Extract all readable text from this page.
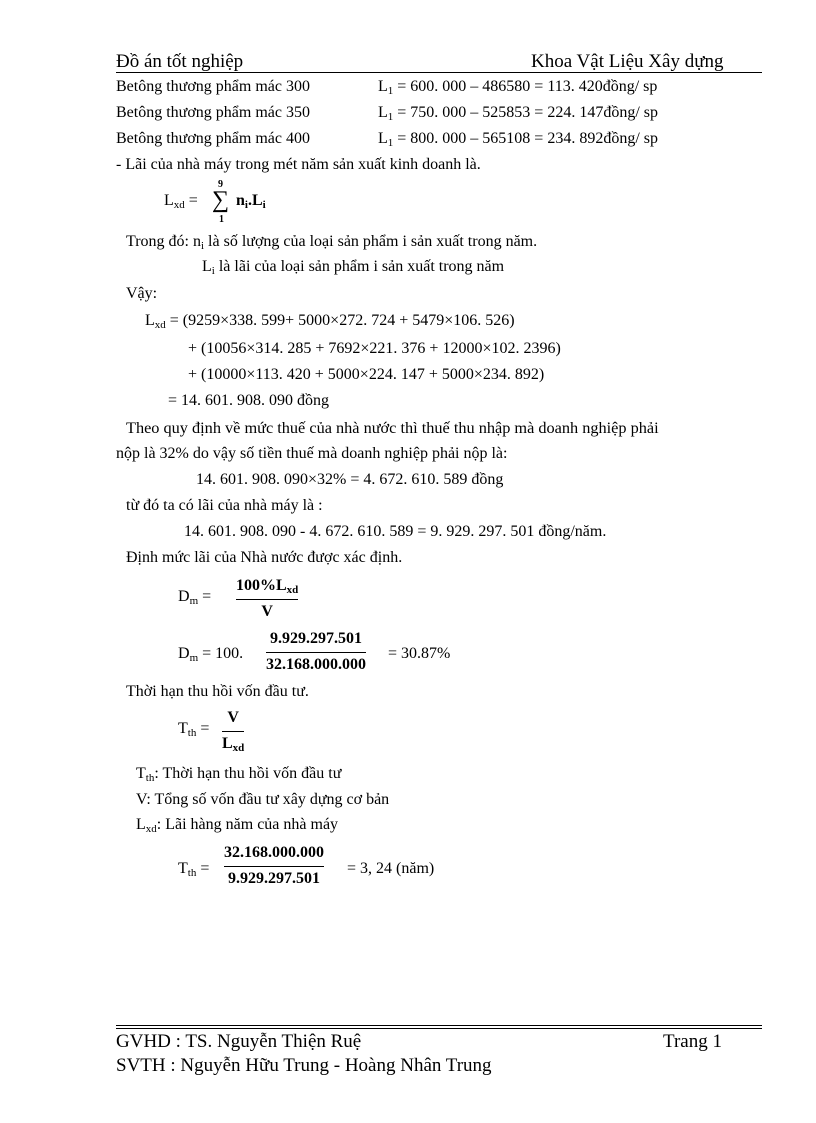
Đồ án tốt nghiệp	Khoa Vật Liệu Xây dựng
Betông thương phẩm mác 300	$L_1 = 600$. 000 – 486580 = 113. 420đồng/ sp
Betông thương phẩm mác 350	$L_1 = 750$. 000 – 525853 = 224. 147đồng/ sp
Betông thương phẩm mác 400	$L_1 = 800$. 000 – 565108 = 234. 892đồng/ sp
- Lãi của nhà máy trong mét năm sản xuất kinh doanh là.
$L_{xd}$ =
9
∑
1
$n_i.L_i$
Trong đó: $n_i$ là số lượng của loại sản phẩm i sản xuất trong năm.
$L_i$ là lãi của loại sản phẩm i sản xuất trong năm
Vậy:
$L_{xd} = (9259\times 338$. 599+ 5000×272. 724 + 5479×106. 526)
+ (10056×314. 285 + 7692×221. 376 + 12000×102. 2396)
+ (10000×113. 420 + 5000×224. 147 + 5000×234. 892)
= 14. 601. 908. 090 đồng
Theo quy định về mức thuế của nhà nước thì thuế thu nhập mà doanh nghiệp phải
nộp là 32% do vậy số tiền thuế mà doanh nghiệp phải nộp là:
14. 601. 908. 090×32% = 4. 672. 610. 589 đồng
từ đó ta có lãi của nhà máy là :
14. 601. 908. 090 - 4. 672. 610. 589 = 9. 929. 297. 501 đồng/năm.
Định mức lãi của Nhà nước được xác định.
$D_m$ =
$100\%L_{xd}$
V
$D_m = 100$.
9.929.297.501
32.168.000.000
= 30.87%
Thời hạn thu hồi vốn đầu tư.
$T_{th}$ =
V
$L_{xd}$
$T_{th}$: Thời hạn thu hồi vốn đầu tư
V: Tổng số vốn đầu tư xây dựng cơ bản
$L_{xd}$: Lãi hàng năm của nhà máy
$T_{th}$ =
32.168.000.000
9.929.297.501
= 3, 24 (năm)
GVHD : TS. Nguyễn Thiện Ruệ	Trang 1
SVTH : Nguyễn Hữu Trung - Hoàng Nhân Trung
